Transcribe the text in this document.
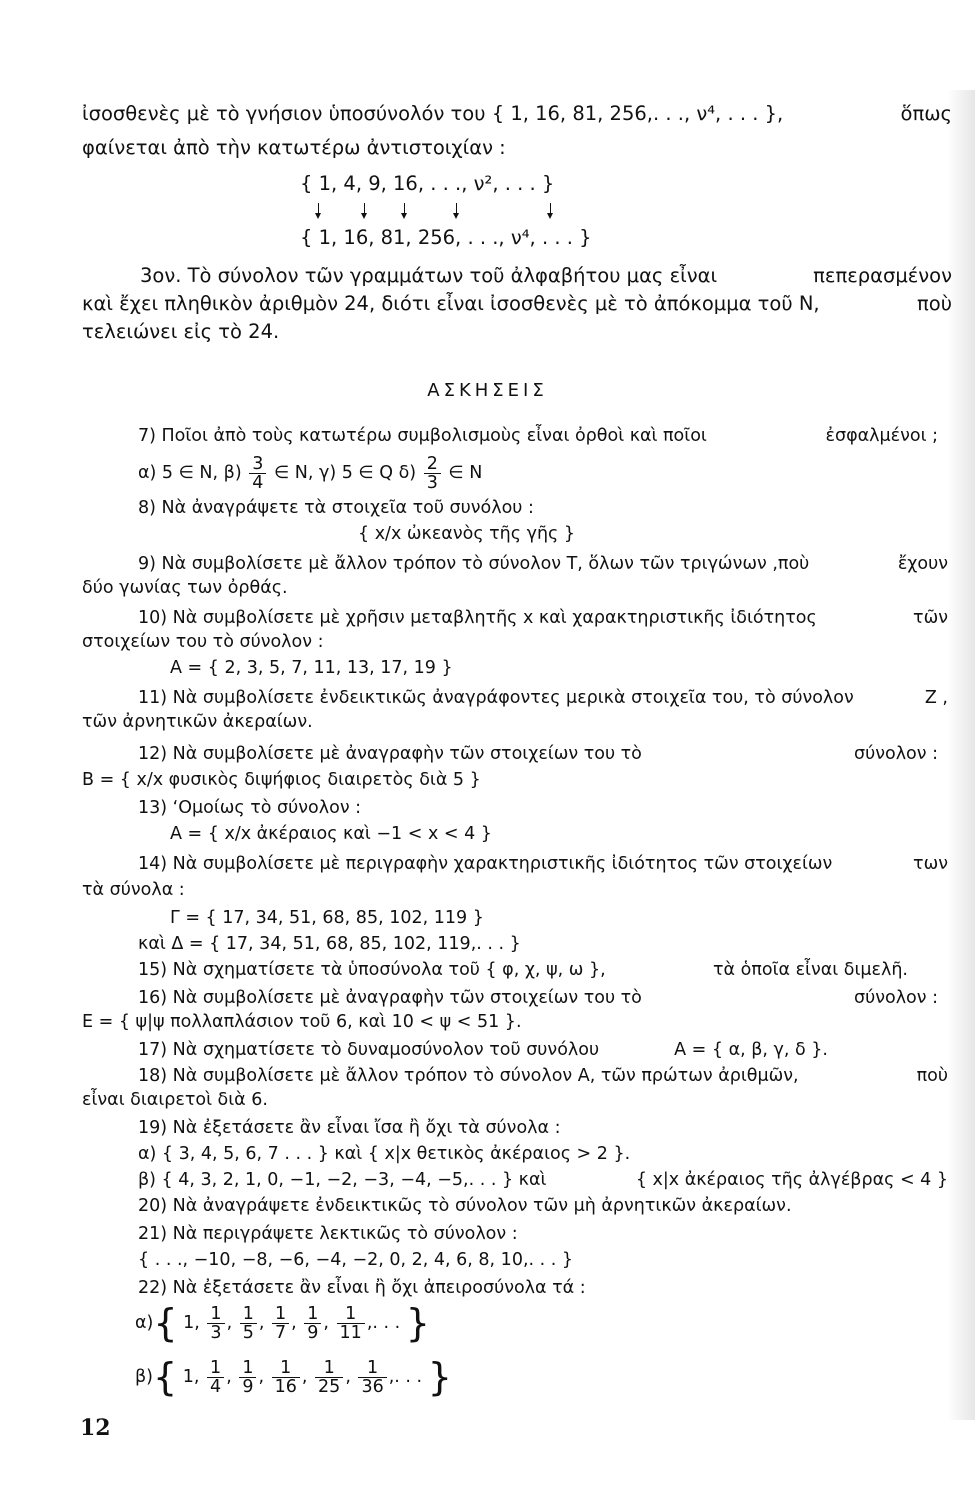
ἰσοσθενὲς μὲ τὸ γνήσιον ὑποσύνολόν του { 1, 16, 81, 256,. . ., ν⁴, . . . },	ὅπως
φαίνεται ἀπὸ τὴν κατωτέρω ἀντιστοιχίαν :
{ 1, 4, 9, 16, . . ., ν², . . . }
{ 1, 16, 81, 256, . . ., ν⁴, . . . }
3ον. Τὸ σύνολον τῶν γραμμάτων τοῦ ἀλφαβήτου μας εἶναι	πεπερασμένον
καὶ ἔχει πληθικὸν ἀριθμὸν 24, διότι εἶναι ἰσοσθενὲς μὲ τὸ ἀπόκομμα τοῦ Ν,	ποὺ
τελειώνει εἰς τὸ 24.
ΑΣΚΗΣΕΙΣ
7) Ποῖοι ἀπὸ τοὺς κατωτέρω συμβολισμοὺς εἶναι ὀρθοὶ καὶ ποῖοι	ἐσφαλμένοι ;
α) 5 ∈ Ν, $\beta) \frac{3}{4}$ ∈ Ν, γ) 5 ∈ Q $\delta) \frac{2}{3}$ ∈ Ν
8) Νὰ ἀναγράψετε τὰ στοιχεῖα τοῦ συνόλου :
{ x/x ὠκεανὸς τῆς γῆς }
9) Νὰ συμβολίσετε μὲ ἄλλον τρόπον τὸ σύνολον Τ, ὅλων τῶν τριγώνων ,ποὺ	ἔχουν
δύο γωνίας των ὀρθάς.
10) Νὰ συμβολίσετε μὲ χρῆσιν μεταβλητῆς x καὶ χαρακτηριστικῆς ἰδιότητος	τῶν
στοιχείων του τὸ σύνολον :
Α = { 2, 3, 5, 7, 11, 13, 17, 19 }
11) Νὰ συμβολίσετε ἐνδεικτικῶς ἀναγράφοντες μερικὰ στοιχεῖα του, τὸ σύνολον	Ζ ,
τῶν ἀρνητικῶν ἀκεραίων.
12) Νὰ συμβολίσετε μὲ ἀναγραφὴν τῶν στοιχείων του τὸ	σύνολον :
Β = { x/x φυσικὸς διψήφιος διαιρετὸς διὰ 5 }
13) ‘Ομοίως τὸ σύνολον :
Α = { x/x ἀκέραιος καὶ −1 < x < 4 }
14) Νὰ συμβολίσετε μὲ περιγραφὴν χαρακτηριστικῆς ἰδιότητος τῶν στοιχείων	των
τὰ σύνολα :
Γ = { 17, 34, 51, 68, 85, 102, 119 }
καὶ Δ = { 17, 34, 51, 68, 85, 102, 119,. . . }
15) Νὰ σχηματίσετε τὰ ὑποσύνολα τοῦ { φ, χ, ψ, ω },	τὰ ὁποῖα εἶναι διμελῆ.
16) Νὰ συμβολίσετε μὲ ἀναγραφὴν τῶν στοιχείων του τὸ	σύνολον :
Ε = { ψ|ψ πολλαπλάσιον τοῦ 6, καὶ 10 < ψ < 51 }.
17) Νὰ σχηματίσετε τὸ δυναμοσύνολον τοῦ συνόλου	Α = { α, β, γ, δ }.
18) Νὰ συμβολίσετε μὲ ἄλλον τρόπον τὸ σύνολον Α, τῶν πρώτων ἀριθμῶν,	ποὺ
εἶναι διαιρετοὶ διὰ 6.
19) Νὰ ἐξετάσετε ἂν εἶναι ἴσα ἢ ὄχι τὰ σύνολα :
α) { 3, 4, 5, 6, 7 . . . } καὶ { x|x θετικὸς ἀκέραιος > 2 }.
β) { 4, 3, 2, 1, 0, −1, −2, −3, −4, −5,. . . } καὶ	{ x|x ἀκέραιος τῆς ἀλγέβρας < 4 }
20) Νὰ ἀναγράψετε ἐνδεικτικῶς τὸ σύνολον τῶν μὴ ἀρνητικῶν ἀκεραίων.
21) Νὰ περιγράψετε λεκτικῶς τὸ σύνολον :
{ . . ., −10, −8, −6, −4, −2, 0, 2, 4, 6, 8, 10,. . . }
22) Νὰ ἐξετάσετε ἂν εἶναι ἢ ὄχι ἀπειροσύνολα τά :
α){ 1, $\frac{1}{3}$ , $\frac{1}{5}$ , $\frac{1}{7}$ , $\frac{1}{9}$ , $\frac{1}{11}$ ,. . . }
β){ 1, $\frac{1}{4}$ , $\frac{1}{9}$ , $\frac{1}{16}$ , $\frac{1}{25}$ , $\frac{1}{36}$ ,. . . }
12
